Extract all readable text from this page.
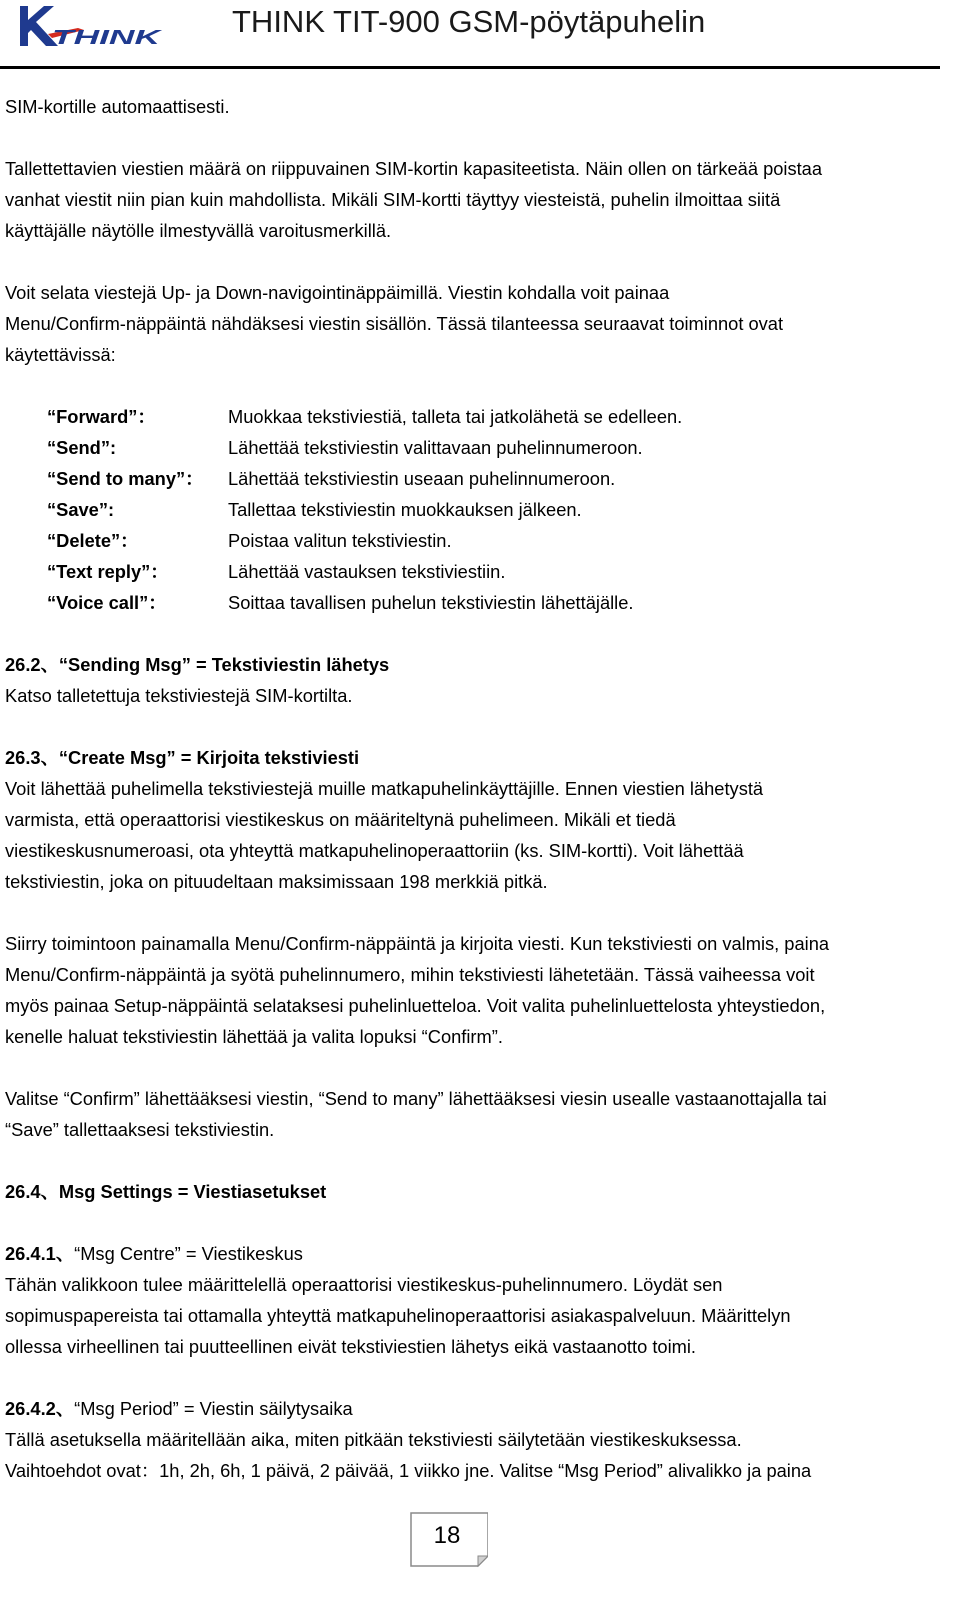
THINK THINK TIT-900 GSM-pöytäpuhelin

SIM-kortille automaattisesti.

Tallettettavien viestien määrä on riippuvainen SIM-kortin kapasiteetista. Näin ollen on tärkeää poistaa

vanhat viestit niin pian kuin mahdollista. Mikäli SIM-kortti täyttyy viesteistä, puhelin ilmoittaa siitä

käyttäjälle näytölle ilmestyvällä varoitusmerkillä.

Voit selata viestejä Up- ja Down-navigointinäppäimillä. Viestin kohdalla voit painaa

Menu/Confirm-näppäintä nähdäksesi viestin sisällön. Tässä tilanteessa seuraavat toiminnot ovat

käytettävissä:

“Forward”：	Muokkaa tekstiviestiä, talleta tai jatkolähetä se edelleen.
“Send”:	Lähettää tekstiviestin valittavaan puhelinnumeroon.
“Send to many”： Lähettää tekstiviestin useaan puhelinnumeroon.
“Save”:	Tallettaa tekstiviestin muokkauksen jälkeen.
“Delete”：	Poistaa valitun tekstiviestin.
“Text reply”：	Lähettää vastauksen tekstiviestiin.
“Voice call”：	Soittaa tavallisen puhelun tekstiviestin lähettäjälle.

26.2、“Sending Msg” = Tekstiviestin lähetys

Katso talletettuja tekstiviestejä SIM-kortilta.

26.3、“Create Msg” = Kirjoita tekstiviesti

Voit lähettää puhelimella tekstiviestejä muille matkapuhelinkäyttäjille. Ennen viestien lähetystä

varmista, että operaattorisi viestikeskus on määriteltynä puhelimeen. Mikäli et tiedä

viestikeskusnumeroasi, ota yhteyttä matkapuhelinoperaattoriin (ks. SIM-kortti). Voit lähettää

tekstiviestin, joka on pituudeltaan maksimissaan 198 merkkiä pitkä.

Siirry toimintoon painamalla Menu/Confirm-näppäintä ja kirjoita viesti. Kun tekstiviesti on valmis, paina

Menu/Confirm-näppäintä ja syötä puhelinnumero, mihin tekstiviesti lähetetään. Tässä vaiheessa voit

myös painaa Setup-näppäintä selataksesi puhelinluetteloa. Voit valita puhelinluettelosta yhteystiedon,

kenelle haluat tekstiviestin lähettää ja valita lopuksi “Confirm”.

Valitse “Confirm” lähettääksesi viestin, “Send to many” lähettääksesi viesin usealle vastaanottajalla tai

“Save” tallettaaksesi tekstiviestin.

26.4、Msg Settings = Viestiasetukset

26.4.1、“Msg Centre” = Viestikeskus

Tähän valikkoon tulee määrittelellä operaattorisi viestikeskus-puhelinnumero. Löydät sen

sopimuspapereista tai ottamalla yhteyttä matkapuhelinoperaattorisi asiakaspalveluun. Määrittelyn

ollessa virheellinen tai puutteellinen eivät tekstiviestien lähetys eikä vastaanotto toimi.

26.4.2、“Msg Period” = Viestin säilytysaika

Tällä asetuksella määritellään aika, miten pitkään tekstiviesti säilytetään viestikeskuksessa.

Vaihtoehdot ovat：1h, 2h, 6h, 1 päivä, 2 päivää, 1 viikko jne. Valitse “Msg Period” alivalikko ja paina

18
